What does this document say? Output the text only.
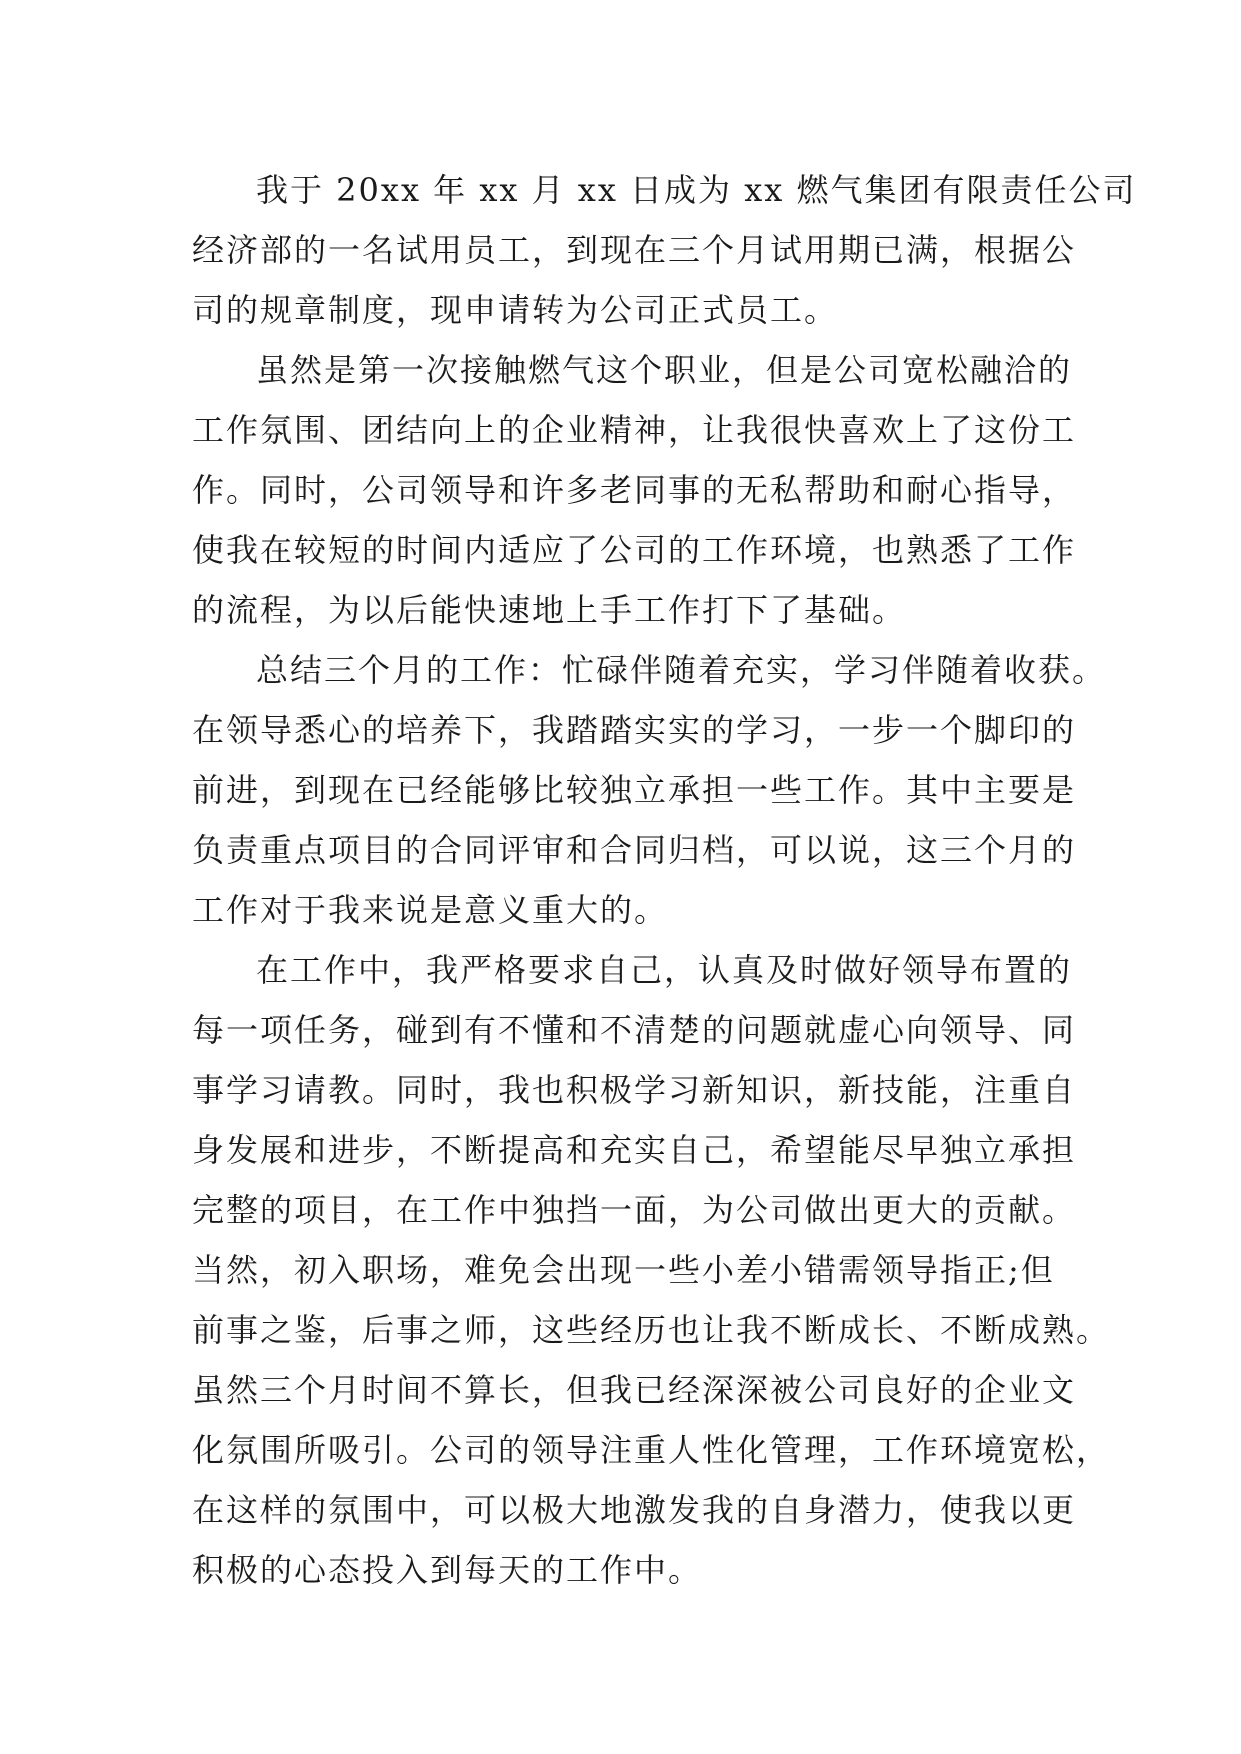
我于 20xx 年 xx 月 xx 日成为 xx 燃气集团有限责任公司
经济部的一名试用员工，到现在三个月试用期已满，根据公
司的规章制度，现申请转为公司正式员工。
虽然是第一次接触燃气这个职业，但是公司宽松融洽的
工作氛围、团结向上的企业精神，让我很快喜欢上了这份工
作。同时，公司领导和许多老同事的无私帮助和耐心指导，
使我在较短的时间内适应了公司的工作环境，也熟悉了工作
的流程，为以后能快速地上手工作打下了基础。
总结三个月的工作：忙碌伴随着充实，学习伴随着收获。
在领导悉心的培养下，我踏踏实实的学习，一步一个脚印的
前进，到现在已经能够比较独立承担一些工作。其中主要是
负责重点项目的合同评审和合同归档，可以说，这三个月的
工作对于我来说是意义重大的。
在工作中，我严格要求自己，认真及时做好领导布置的
每一项任务，碰到有不懂和不清楚的问题就虚心向领导、同
事学习请教。同时，我也积极学习新知识，新技能，注重自
身发展和进步，不断提高和充实自己，希望能尽早独立承担
完整的项目，在工作中独挡一面，为公司做出更大的贡献。
当然，初入职场，难免会出现一些小差小错需领导指正;但
前事之鉴，后事之师，这些经历也让我不断成长、不断成熟。
虽然三个月时间不算长，但我已经深深被公司良好的企业文
化氛围所吸引。公司的领导注重人性化管理，工作环境宽松，
在这样的氛围中，可以极大地激发我的自身潜力，使我以更
积极的心态投入到每天的工作中。
